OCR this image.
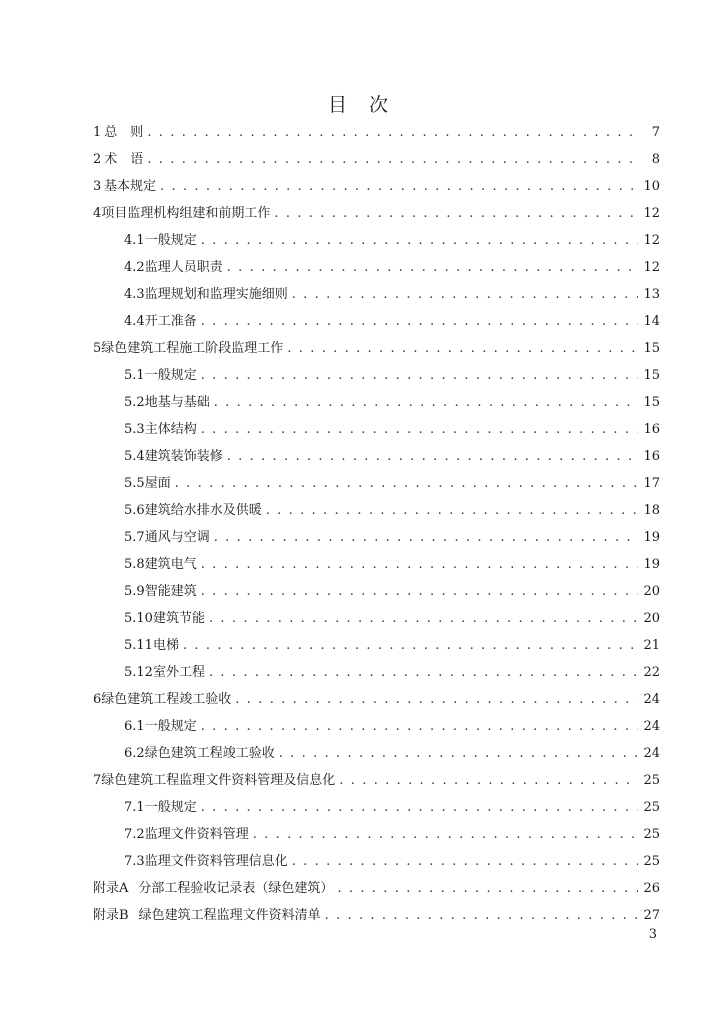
目 次
1 总　则 . . .	7
2 术　语 . . .	8
3 基本规定 . . .	10
4 项目监理机构组建和前期工作 . . .	12
4.1 一般规定 . . .	12
4.2 监理人员职责 . . .	12
4.3 监理规划和监理实施细则 . . .	13
4.4 开工准备 . . .	14
5 绿色建筑工程施工阶段监理工作 . . .	15
5.1 一般规定 . . .	15
5.2 地基与基础 . . .	15
5.3 主体结构 . . .	16
5.4 建筑装饰装修 . . .	16
5.5 屋面 . . .	17
5.6 建筑给水排水及供暖 . . .	18
5.7 通风与空调 . . .	19
5.8 建筑电气 . . .	19
5.9 智能建筑 . . .	20
5.10 建筑节能 . . .	20
5.11 电梯 . . .	21
5.12 室外工程 . . .	22
6 绿色建筑工程竣工验收 . . .	24
6.1 一般规定 . . .	24
6.2 绿色建筑工程竣工验收 . . .	24
7 绿色建筑工程监理文件资料管理及信息化 . . .	25
7.1 一般规定 . . .	25
7.2 监理文件资料管理 . . .	25
7.3 监理文件资料管理信息化 . . .	25
附录A 分部工程验收记录表（绿色建筑） . . .	26
附录B 绿色建筑工程监理文件资料清单 . . .	27
3
